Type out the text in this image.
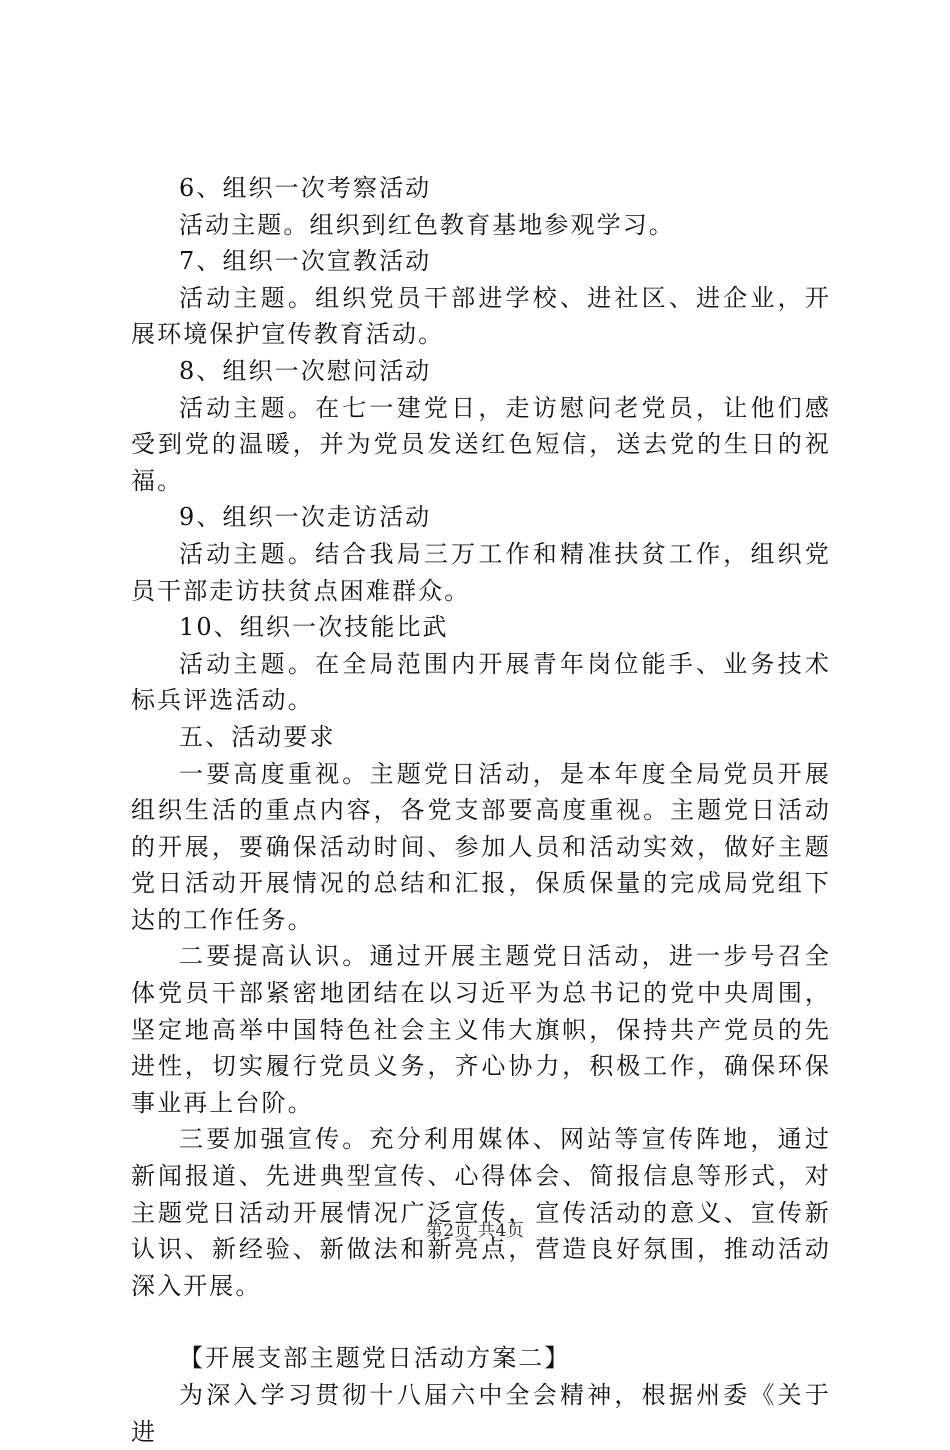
6、组织一次考察活动

活动主题。组织到红色教育基地参观学习。

7、组织一次宣教活动

活动主题。组织党员干部进学校、进社区、进企业，开展环境保护宣传教育活动。

8、组织一次慰问活动

活动主题。在七一建党日，走访慰问老党员，让他们感受到党的温暖，并为党员发送红色短信，送去党的生日的祝福。

9、组织一次走访活动

活动主题。结合我局三万工作和精准扶贫工作，组织党员干部走访扶贫点困难群众。

10、组织一次技能比武

活动主题。在全局范围内开展青年岗位能手、业务技术标兵评选活动。

五、活动要求

一要高度重视。主题党日活动，是本年度全局党员开展组织生活的重点内容，各党支部要高度重视。主题党日活动的开展，要确保活动时间、参加人员和活动实效，做好主题党日活动开展情况的总结和汇报，保质保量的完成局党组下达的工作任务。

二要提高认识。通过开展主题党日活动，进一步号召全体党员干部紧密地团结在以习近平为总书记的党中央周围，坚定地高举中国特色社会主义伟大旗帜，保持共产党员的先进性，切实履行党员义务，齐心协力，积极工作，确保环保事业再上台阶。

三要加强宣传。充分利用媒体、网站等宣传阵地，通过新闻报道、先进典型宣传、心得体会、简报信息等形式，对主题党日活动开展情况广泛宣传，宣传活动的意义、宣传新认识、新经验、新做法和新亮点，营造良好氛围，推动活动深入开展。

【开展支部主题党日活动方案二】

为深入学习贯彻十八届六中全会精神，根据州委《关于进

第2页 共4页
